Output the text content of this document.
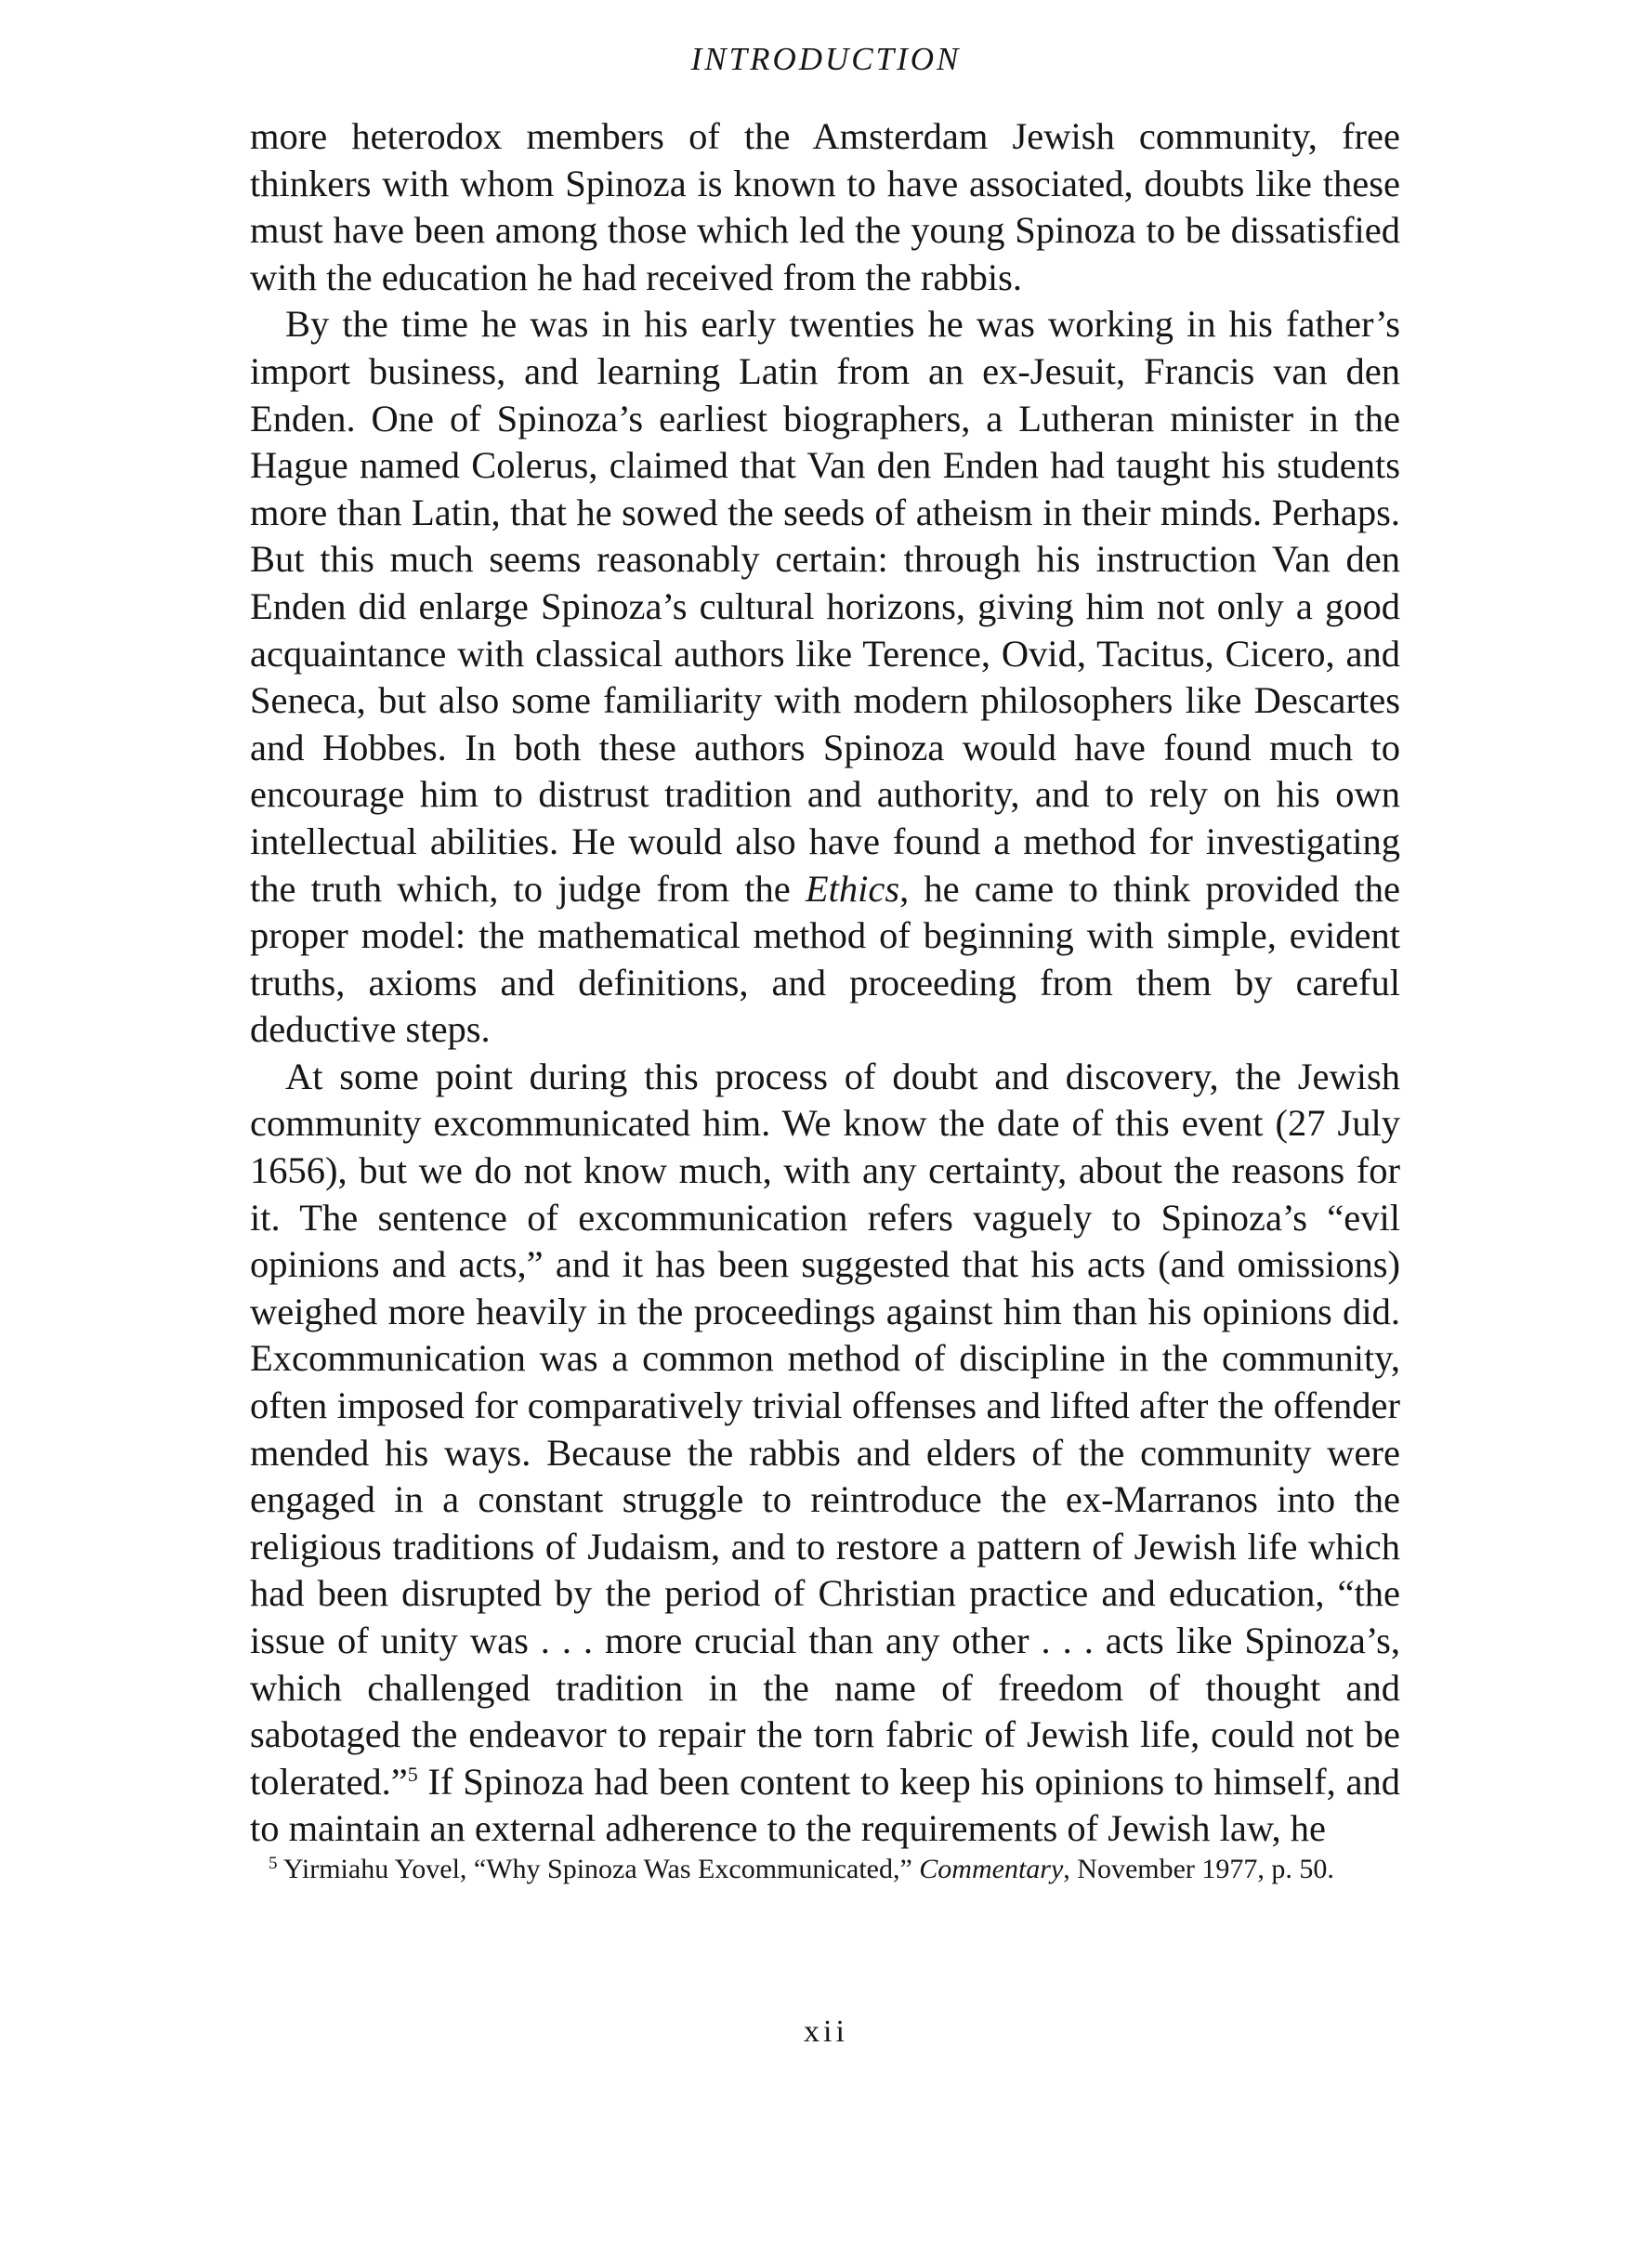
INTRODUCTION

more heterodox members of the Amsterdam Jewish community, free thinkers with whom Spinoza is known to have associated, doubts like these must have been among those which led the young Spinoza to be dissatisfied with the education he had received from the rabbis.

By the time he was in his early twenties he was working in his father’s import business, and learning Latin from an ex-Jesuit, Francis van den Enden. One of Spinoza’s earliest biographers, a Lutheran minister in the Hague named Colerus, claimed that Van den Enden had taught his students more than Latin, that he sowed the seeds of atheism in their minds. Perhaps. But this much seems reasonably certain: through his instruction Van den Enden did enlarge Spinoza’s cultural horizons, giving him not only a good acquaintance with classical authors like Terence, Ovid, Tacitus, Cicero, and Seneca, but also some familiarity with modern philosophers like Descartes and Hobbes. In both these authors Spinoza would have found much to encourage him to distrust tradition and authority, and to rely on his own intellectual abilities. He would also have found a method for investigating the truth which, to judge from the Ethics, he came to think provided the proper model: the mathematical method of beginning with simple, evident truths, axioms and definitions, and proceeding from them by careful deductive steps.

At some point during this process of doubt and discovery, the Jewish community excommunicated him. We know the date of this event (27 July 1656), but we do not know much, with any certainty, about the reasons for it. The sentence of excommunication refers vaguely to Spinoza’s “evil opinions and acts,” and it has been suggested that his acts (and omissions) weighed more heavily in the proceedings against him than his opinions did. Excommunication was a common method of discipline in the community, often imposed for comparatively trivial offenses and lifted after the offender mended his ways. Because the rabbis and elders of the community were engaged in a constant struggle to reintroduce the ex-Marranos into the religious traditions of Judaism, and to restore a pattern of Jewish life which had been disrupted by the period of Christian practice and education, “the issue of unity was . . . more crucial than any other . . . acts like Spinoza’s, which challenged tradition in the name of freedom of thought and sabotaged the endeavor to repair the torn fabric of Jewish life, could not be tolerated.”$^5$ If Spinoza had been content to keep his opinions to himself, and to maintain an external adherence to the requirements of Jewish law, he

$^5$ Yirmiahu Yovel, “Why Spinoza Was Excommunicated,” Commentary, November 1977, p. 50.

xii
